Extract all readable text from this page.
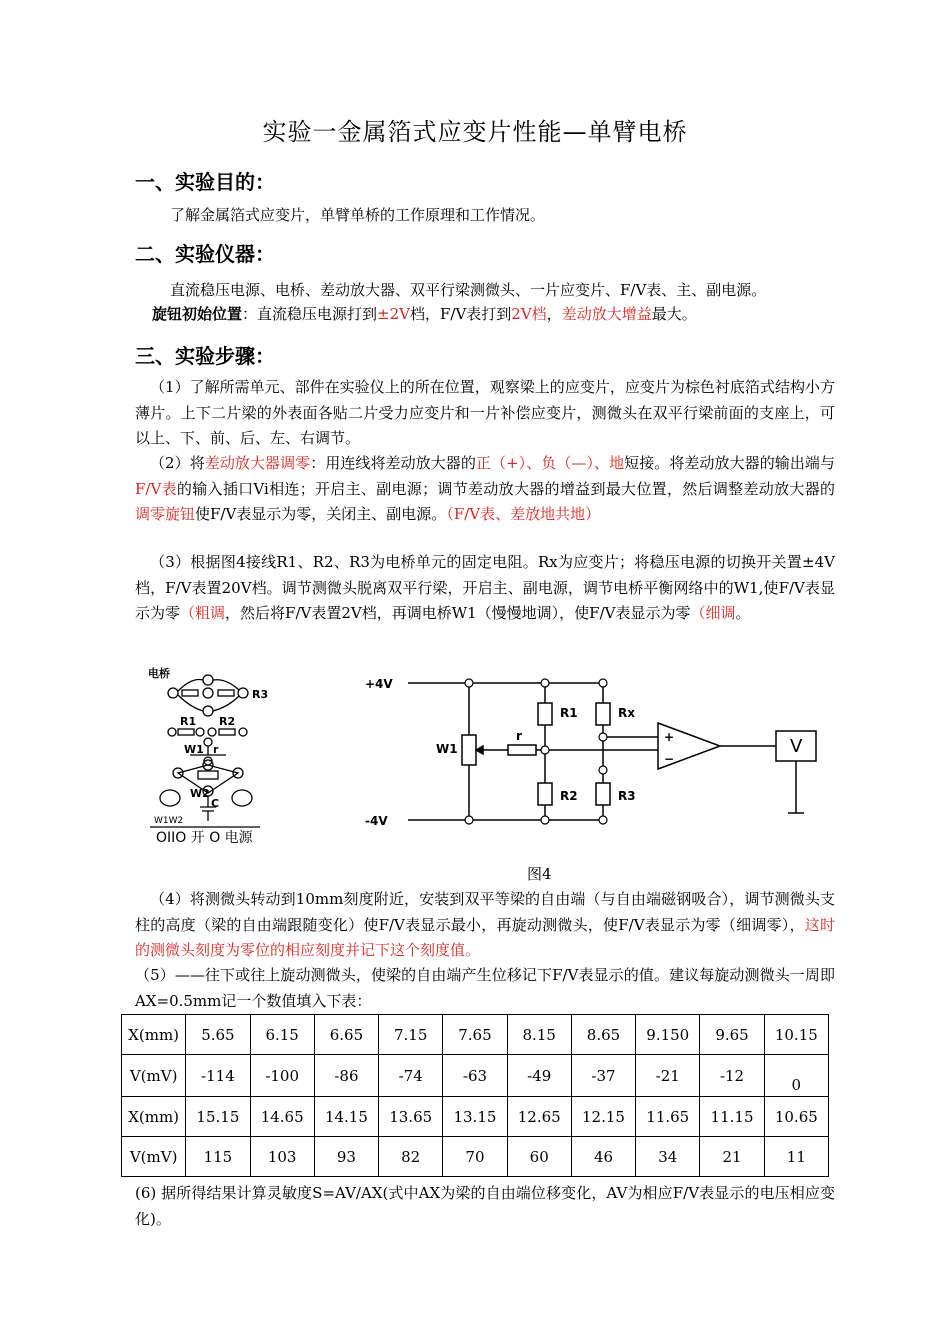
实验一金属箔式应变片性能—单臂电桥
一、实验目的：

了解金属箔式应变片，单臂单桥的工作原理和工作情况。

二、实验仪器：

直流稳压电源、电桥、差动放大器、双平行梁测微头、一片应变片、F/V表、主、副电源。

旋钮初始位置：直流稳压电源打到±2V档，F/V表打到2V档，差动放大增益最大。

三、实验步骤：

（1）了解所需单元、部件在实验仪上的所在位置，观察梁上的应变片，应变片为棕色衬底箔式结构小方薄片。上下二片梁的外表面各贴二片受力应变片和一片补偿应变片，测微头在双平行梁前面的支座上，可以上、下、前、后、左、右调节。

（2）将差动放大器调零：用连线将差动放大器的正（+）、负（—）、地短接。将差动放大器的输出端与F/V表的输入插口Vi相连；开启主、副电源；调节差动放大器的增益到最大位置，然后调整差动放大器的调零旋钮使F/V表显示为零，关闭主、副电源。（F/V表、差放地共地）

（3）根据图4接线R1、R2、R3为电桥单元的固定电阻。Rx为应变片；将稳压电源的切换开关置±4V档，F/V表置20V档。调节测微头脱离双平行梁，开启主、副电源，调节电桥平衡网络中的W1,使F/V表显示为零（粗调，然后将F/V表置2V档，再调电桥W1（慢慢地调），使F/V表显示为零（细调。

电桥
R3
R1 R2
W1 r
W2
C
W1W2
OIIO 开 O 电源
+4V
-4V
R1	Rx
W1
r
R2	R3
+
−
V

图4

（4）将测微头转动到10mm刻度附近，安装到双平等梁的自由端（与自由端磁钢吸合），调节测微头支柱的高度（梁的自由端跟随变化）使F/V表显示最小，再旋动测微头，使F/V表显示为零（细调零），这时的测微头刻度为零位的相应刻度并记下这个刻度值。

（5）——往下或往上旋动测微头，使梁的自由端产生位移记下F/V表显示的值。建议每旋动测微头一周即AX=0.5mm记一个数值填入下表：

X(mm)	5.65	6.15	6.65	7.15	7.65	8.15	8.65	9.150	9.65	10.15
V(mV)	-114	-100	-86	-74	-63	-49	-37	-21	-12	0
X(mm)	15.15	14.65	14.15	13.65	13.15	12.65	12.15	11.65	11.15	10.65
V(mV)	115	103	93	82	70	60	46	34	21	11

(6) 据所得结果计算灵敏度S=AV/AX(式中AX为梁的自由端位移变化，AV为相应F/V表显示的电压相应变化)。
